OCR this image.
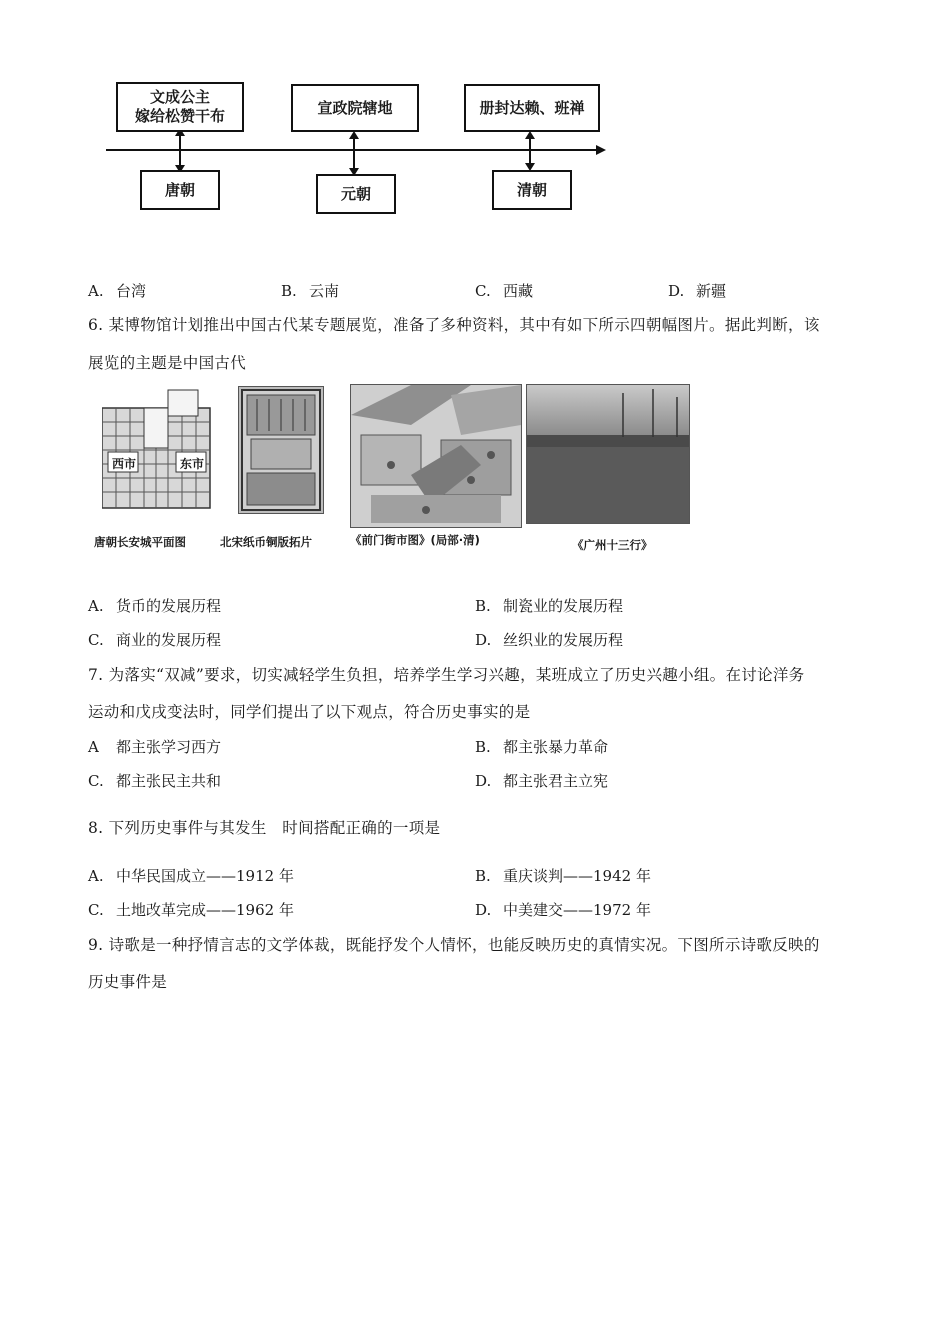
文成公主
嫁给松赞干布	宣政院辖地	册封达赖、班禅
唐朝	元朝	清朝
A. 台湾	B. 云南	C. 西藏	D. 新疆
6. 某博物馆计划推出中国古代某专题展览，准备了多种资料，其中有如下所示四朝幅图片。据此判断，该
展览的主题是中国古代
西市	东市
唐朝长安城平面图	北宋纸币铜版拓片	《前门街市图》(局部·清)	《广州十三行》
A. 货币的发展历程	B. 制瓷业的发展历程
C. 商业的发展历程	D. 丝织业的发展历程
7. 为落实“双减”要求，切实减轻学生负担，培养学生学习兴趣，某班成立了历史兴趣小组。在讨论洋务
运动和戊戌变法时，同学们提出了以下观点，符合历史事实的是
A 都主张学习西方	B. 都主张暴力革命
C. 都主张民主共和	D. 都主张君主立宪
8. 下列历史事件与其发生   时间搭配正确的一项是
A. 中华民国成立——1912 年	B. 重庆谈判——1942 年
C. 土地改革完成——1962 年	D. 中美建交——1972 年
9. 诗歌是一种抒情言志的文学体裁，既能抒发个人情怀，也能反映历史的真情实况。下图所示诗歌反映的
历史事件是
